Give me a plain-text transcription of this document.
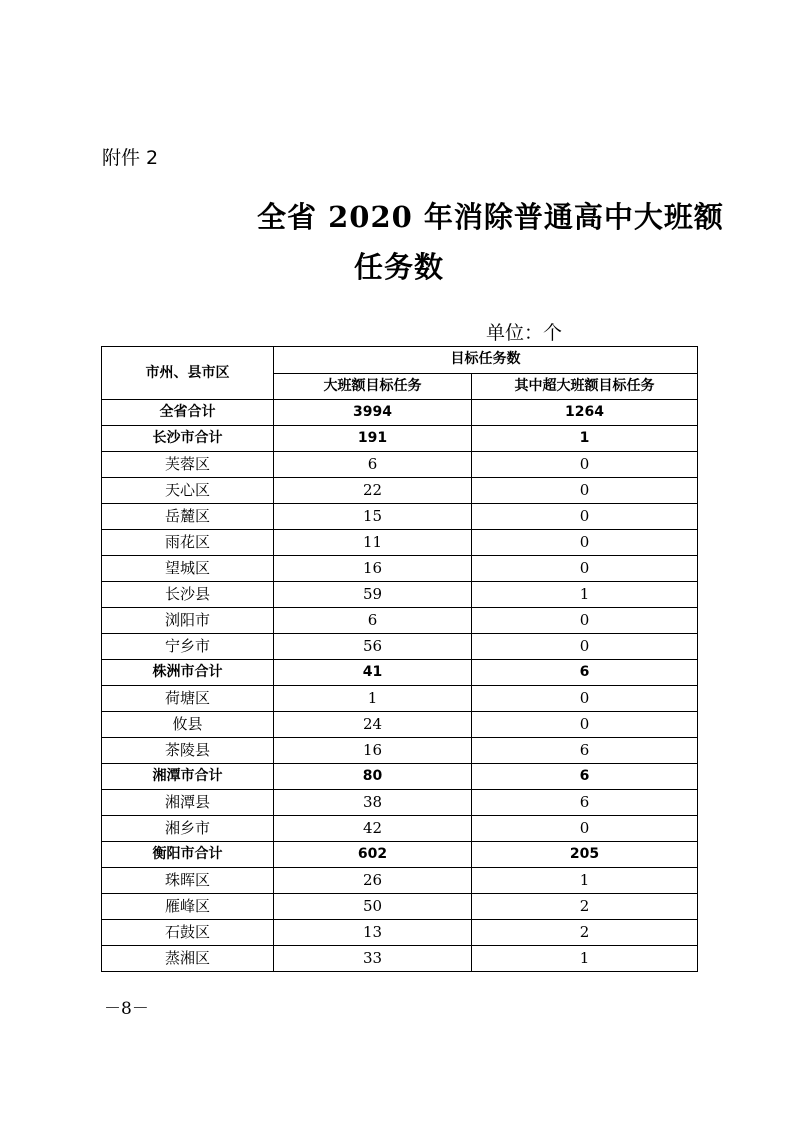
附件 2
全省 2020 年消除普通高中大班额
任务数
单位：个
市州、县市区	目标任务数	
	大班额目标任务	其中超大班额目标任务
全省合计	3994	1264
长沙市合计	191	1
芙蓉区	6	0
天心区	22	0
岳麓区	15	0
雨花区	11	0
望城区	16	0
长沙县	59	1
浏阳市	6	0
宁乡市	56	0
株洲市合计	41	6
荷塘区	1	0
攸县	24	0
茶陵县	16	6
湘潭市合计	80	6
湘潭县	38	6
湘乡市	42	0
衡阳市合计	602	205
珠晖区	26	1
雁峰区	50	2
石鼓区	13	2
蒸湘区	33	1
－8－
